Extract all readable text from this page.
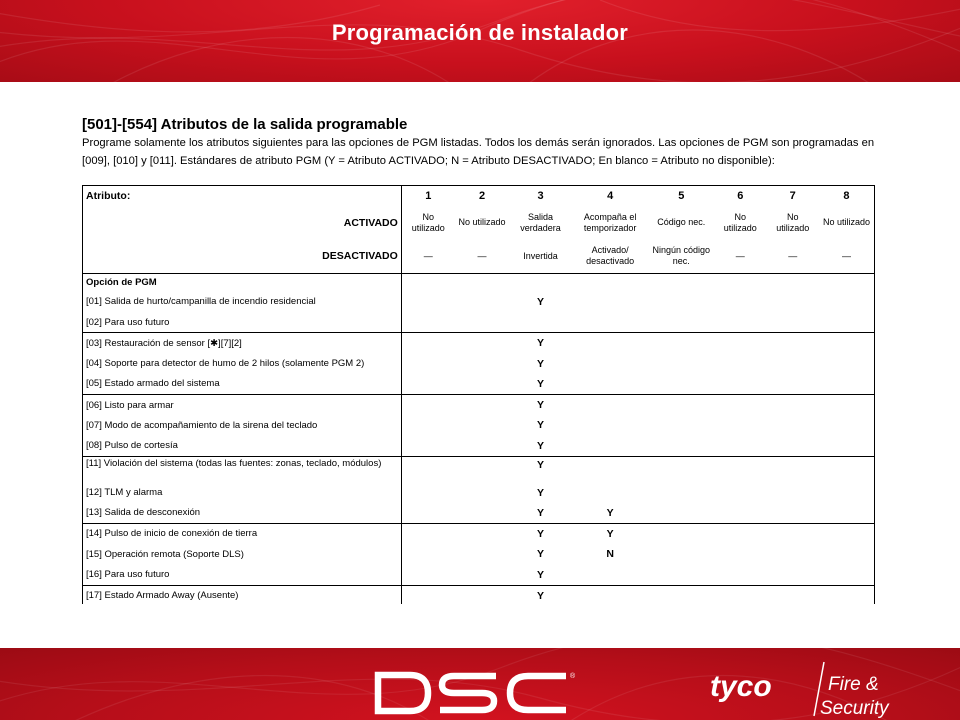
Programación de instalador
[501]-[554] Atributos de la salida programable
Programe solamente los atributos siguientes para las opciones de PGM listadas. Todos los demás serán ignorados. Las opciones de PGM son programadas en [009], [010] y [011]. Estándares de atributo PGM (Y = Atributo ACTIVADO; N = Atributo DESACTIVADO; En blanco = Atributo no disponible):
Atributo:	1	2	3	4	5	6	7	8
ACTIVADO	No utilizado	No utilizado	Salida verdadera	Acompaña el temporizador	Código nec.	No utilizado	No utilizado	No utilizado
DESACTIVADO	—	—	Invertida	Activado/ desactivado	Ningún código nec.	—	—	—
Opción de PGM								
[01] Salida de hurto/campanilla de incendio residencial			Y					
[02] Para uso futuro								
[03] Restauración de sensor [✱][7][2]			Y					
[04] Soporte para detector de humo de 2 hilos (solamente PGM 2)			Y					
[05] Estado armado del sistema			Y					
[06] Listo para armar			Y					
[07] Modo de acompañamiento de la sirena del teclado			Y					
[08] Pulso de cortesía			Y					
[11] Violación del sistema (todas las fuentes: zonas, teclado, módulos)			Y					
[12] TLM y alarma			Y					
[13] Salida de desconexión			Y	Y				
[14] Pulso de inicio de conexión de tierra			Y	Y				
[15] Operación remota (Soporte DLS)			Y	N				
[16] Para uso futuro			Y					
[17] Estado Armado Away (Ausente)			Y					
®	tyco	Fire &
Security
